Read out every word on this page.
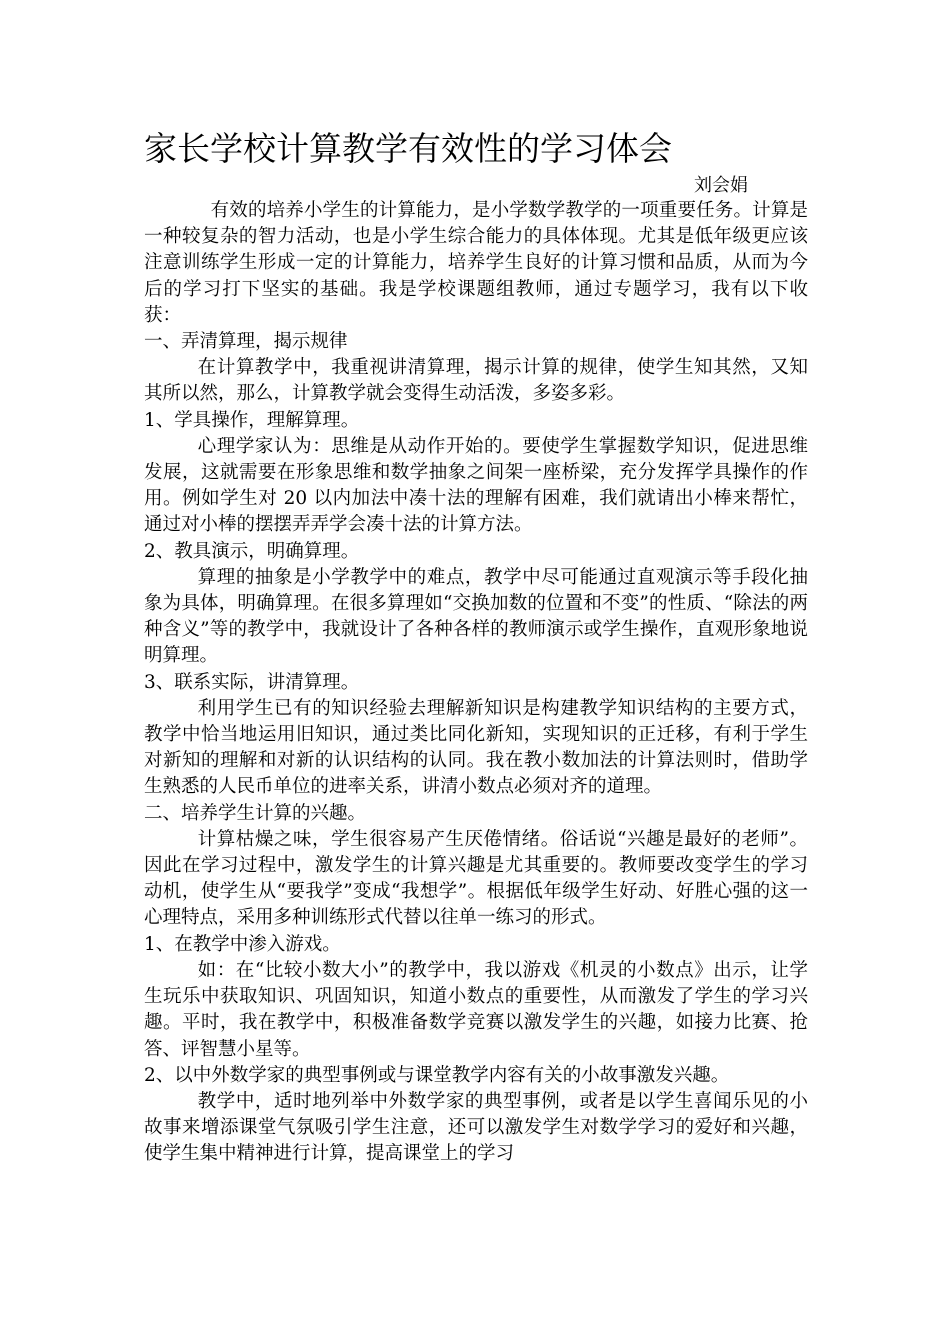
家长学校计算教学有效性的学习体会
刘会娟

有效的培养小学生的计算能力，是小学数学教学的一项重要任务。计算是一种较复杂的智力活动，也是小学生综合能力的具体体现。尤其是低年级更应该注意训练学生形成一定的计算能力，培养学生良好的计算习惯和品质，从而为今后的学习打下坚实的基础。我是学校课题组教师，通过专题学习，我有以下收获：

一、弄清算理，揭示规律

在计算教学中，我重视讲清算理，揭示计算的规律，使学生知其然，又知其所以然，那么，计算教学就会变得生动活泼，多姿多彩。

1、学具操作，理解算理。

心理学家认为：思维是从动作开始的。要使学生掌握数学知识，促进思维发展，这就需要在形象思维和数学抽象之间架一座桥梁，充分发挥学具操作的作用。例如学生对 20 以内加法中凑十法的理解有困难，我们就请出小棒来帮忙，通过对小棒的摆摆弄弄学会凑十法的计算方法。

2、教具演示，明确算理。

算理的抽象是小学教学中的难点，教学中尽可能通过直观演示等手段化抽象为具体，明确算理。在很多算理如“交换加数的位置和不变”的性质、“除法的两种含义”等的教学中，我就设计了各种各样的教师演示或学生操作，直观形象地说明算理。

3、联系实际，讲清算理。

利用学生已有的知识经验去理解新知识是构建教学知识结构的主要方式，教学中恰当地运用旧知识，通过类比同化新知，实现知识的正迁移，有利于学生对新知的理解和对新的认识结构的认同。我在教小数加法的计算法则时，借助学生熟悉的人民币单位的进率关系，讲清小数点必须对齐的道理。

二、培养学生计算的兴趣。

计算枯燥之味，学生很容易产生厌倦情绪。俗话说“兴趣是最好的老师”。因此在学习过程中，激发学生的计算兴趣是尤其重要的。教师要改变学生的学习动机，使学生从“要我学”变成“我想学”。根据低年级学生好动、好胜心强的这一心理特点，采用多种训练形式代替以往单一练习的形式。

1、在教学中渗入游戏。

如：在“比较小数大小”的教学中，我以游戏《机灵的小数点》出示，让学生玩乐中获取知识、巩固知识，知道小数点的重要性，从而激发了学生的学习兴趣。平时，我在教学中，积极准备数学竞赛以激发学生的兴趣，如接力比赛、抢答、评智慧小星等。

2、以中外数学家的典型事例或与课堂教学内容有关的小故事激发兴趣。

教学中，适时地列举中外数学家的典型事例，或者是以学生喜闻乐见的小故事来增添课堂气氛吸引学生注意，还可以激发学生对数学学习的爱好和兴趣，使学生集中精神进行计算，提高课堂上的学习
